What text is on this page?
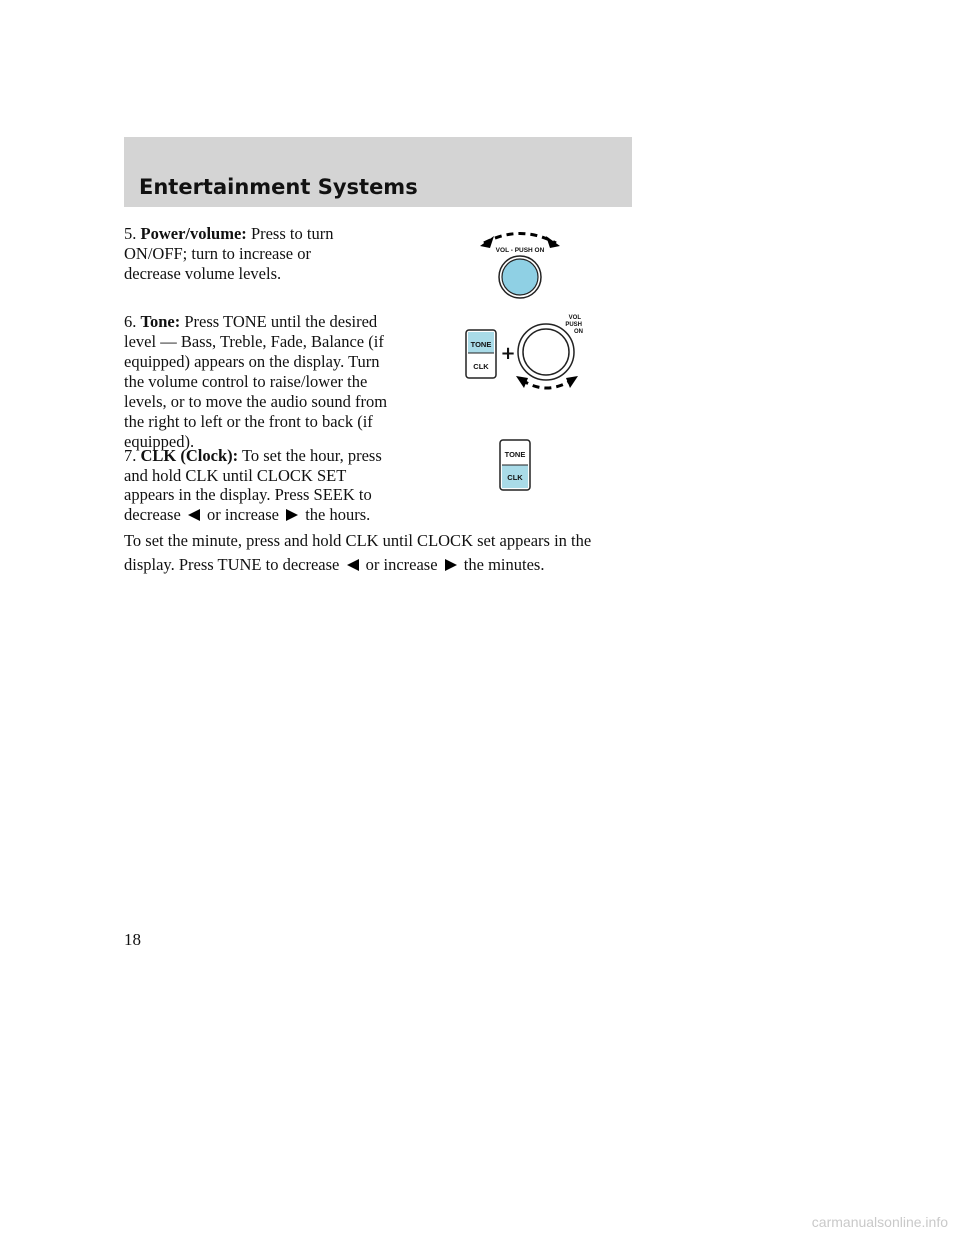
Entertainment Systems
5. Power/volume: Press to turn ON/OFF; turn to increase or decrease volume levels.
6. Tone: Press TONE until the desired level — Bass, Treble, Fade, Balance (if equipped) appears on the display. Turn the volume control to raise/lower the levels, or to move the audio sound from the right to left or the front to back (if equipped).
7. CLK (Clock): To set the hour, press and hold CLK until CLOCK SET appears in the display. Press SEEK to decrease or increase the hours.
To set the minute, press and hold CLK until CLOCK set appears in the
display. Press TUNE to decrease or increase the minutes.
VOL - PUSH ON
TONE
CLK
+
VOL
PUSH
ON
TONE
CLK
18
carmanualsonline.info
